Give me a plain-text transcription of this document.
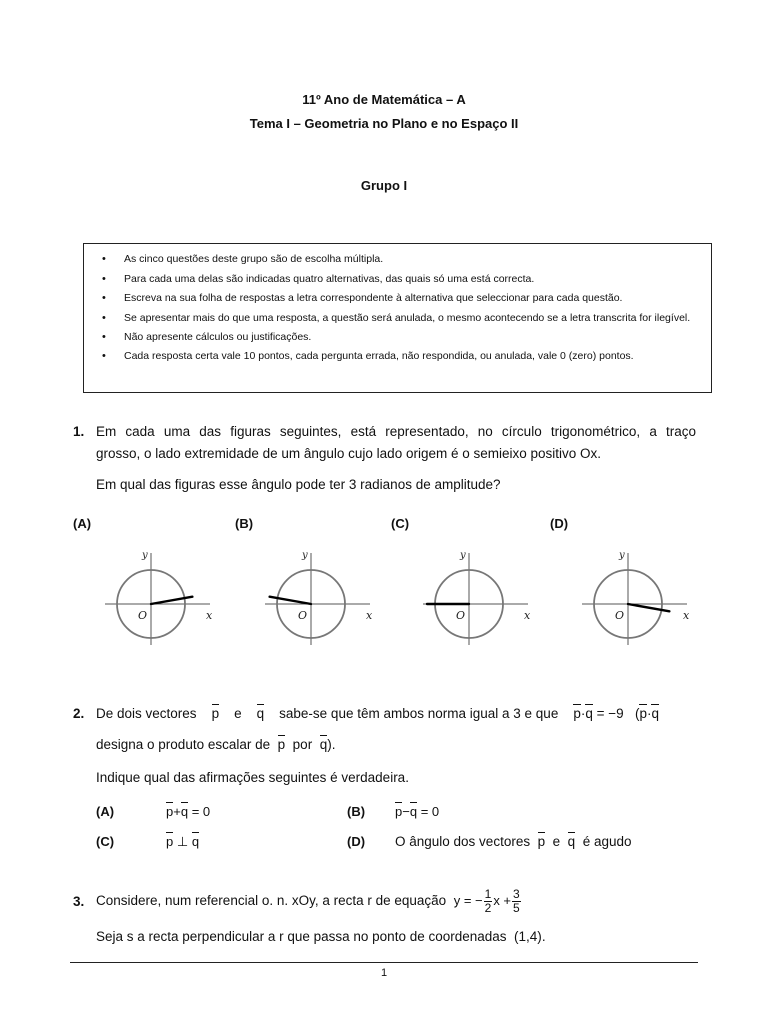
11º Ano de Matemática – A
Tema I – Geometria no Plano e no Espaço II
Grupo I
• As cinco questões deste grupo são de escolha múltipla.
• Para cada uma delas são indicadas quatro alternativas, das quais só uma está correcta.
• Escreva na sua folha de respostas a letra correspondente à alternativa que seleccionar para cada questão.
• Se apresentar mais do que uma resposta, a questão será anulada, o mesmo acontecendo se a letra transcrita for ilegível.
• Não apresente cálculos ou justificações.
• Cada resposta certa vale 10 pontos, cada pergunta errada, não respondida, ou anulada, vale 0 (zero) pontos.
1. Em cada uma das figuras seguintes, está representado, no círculo trigonométrico, a traço
grosso, o lado extremidade de um ângulo cujo lado origem é o semieixo positivo Ox.
Em qual das figuras esse ângulo pode ter 3 radianos de amplitude?
(A)	(B)	(C)	(D)
y
x
O
y
x
O
y
x
O
y
x
O
2. De dois vectores p e q sabe-se que têm ambos norma igual a 3 e que p·q = −9 (p·q
designa o produto escalar de p por q).
Indique qual das afirmações seguintes é verdadeira.
(A)	p+q = 0	(B) p−q = 0
(C)	p ⊥ q	(D) O ângulo dos vectores p e q é agudo
3. Considere, num referencial o. n. xOy, a recta r de equação y = − $\frac{1}{2}$ $x + \frac{3}{5}$
Seja s a recta perpendicular a r que passa no ponto de coordenadas (1,4).
1
